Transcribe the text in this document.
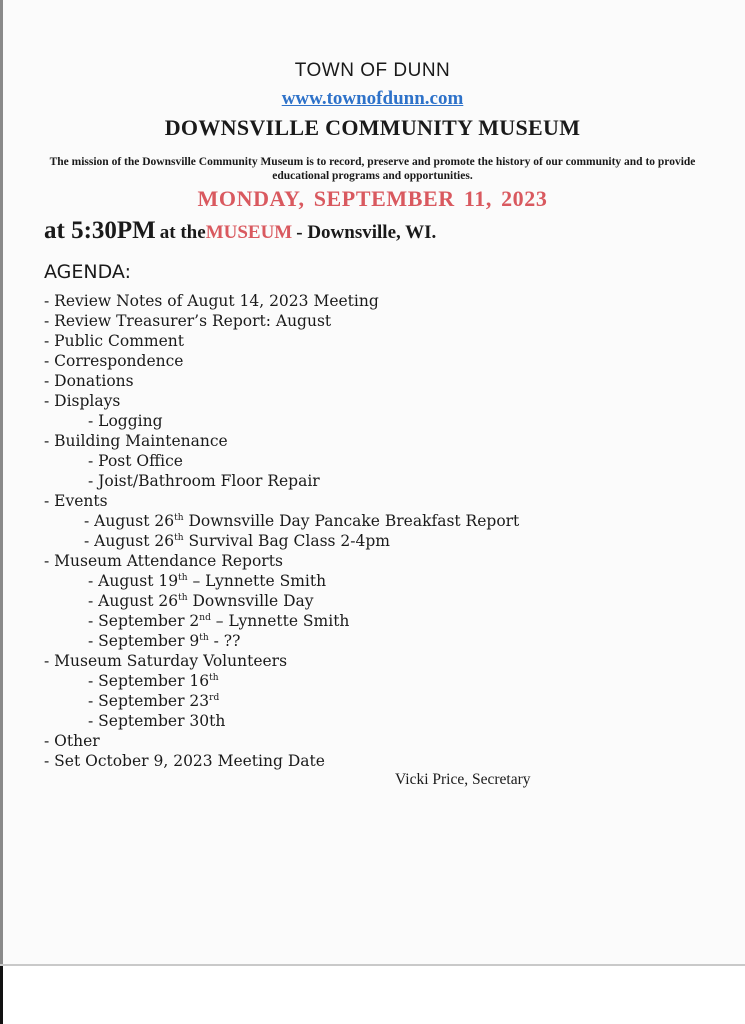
TOWN OF DUNN
www.townofdunn.com
DOWNSVILLE COMMUNITY MUSEUM
The mission of the Downsville Community Museum is to record, preserve and promote the history of our community and to provide educational programs and opportunities.
MONDAY, SEPTEMBER 11, 2023
at 5:30PM at theMUSEUM - Downsville, WI.
AGENDA:
- Review Notes of Augut 14, 2023 Meeting
- Review Treasurer’s Report: August
- Public Comment
- Correspondence
- Donations
- Displays
- Logging
- Building Maintenance
- Post Office
- Joist/Bathroom Floor Repair
- Events
- August 26th Downsville Day Pancake Breakfast Report
- August 26th Survival Bag Class 2-4pm
- Museum Attendance Reports
- August 19th – Lynnette Smith
- August 26th Downsville Day
- September 2nd – Lynnette Smith
- September 9th - ??
- Museum Saturday Volunteers
- September 16th
- September 23rd
- September 30th
- Other
- Set October 9, 2023 Meeting Date
Vicki Price, Secretary
